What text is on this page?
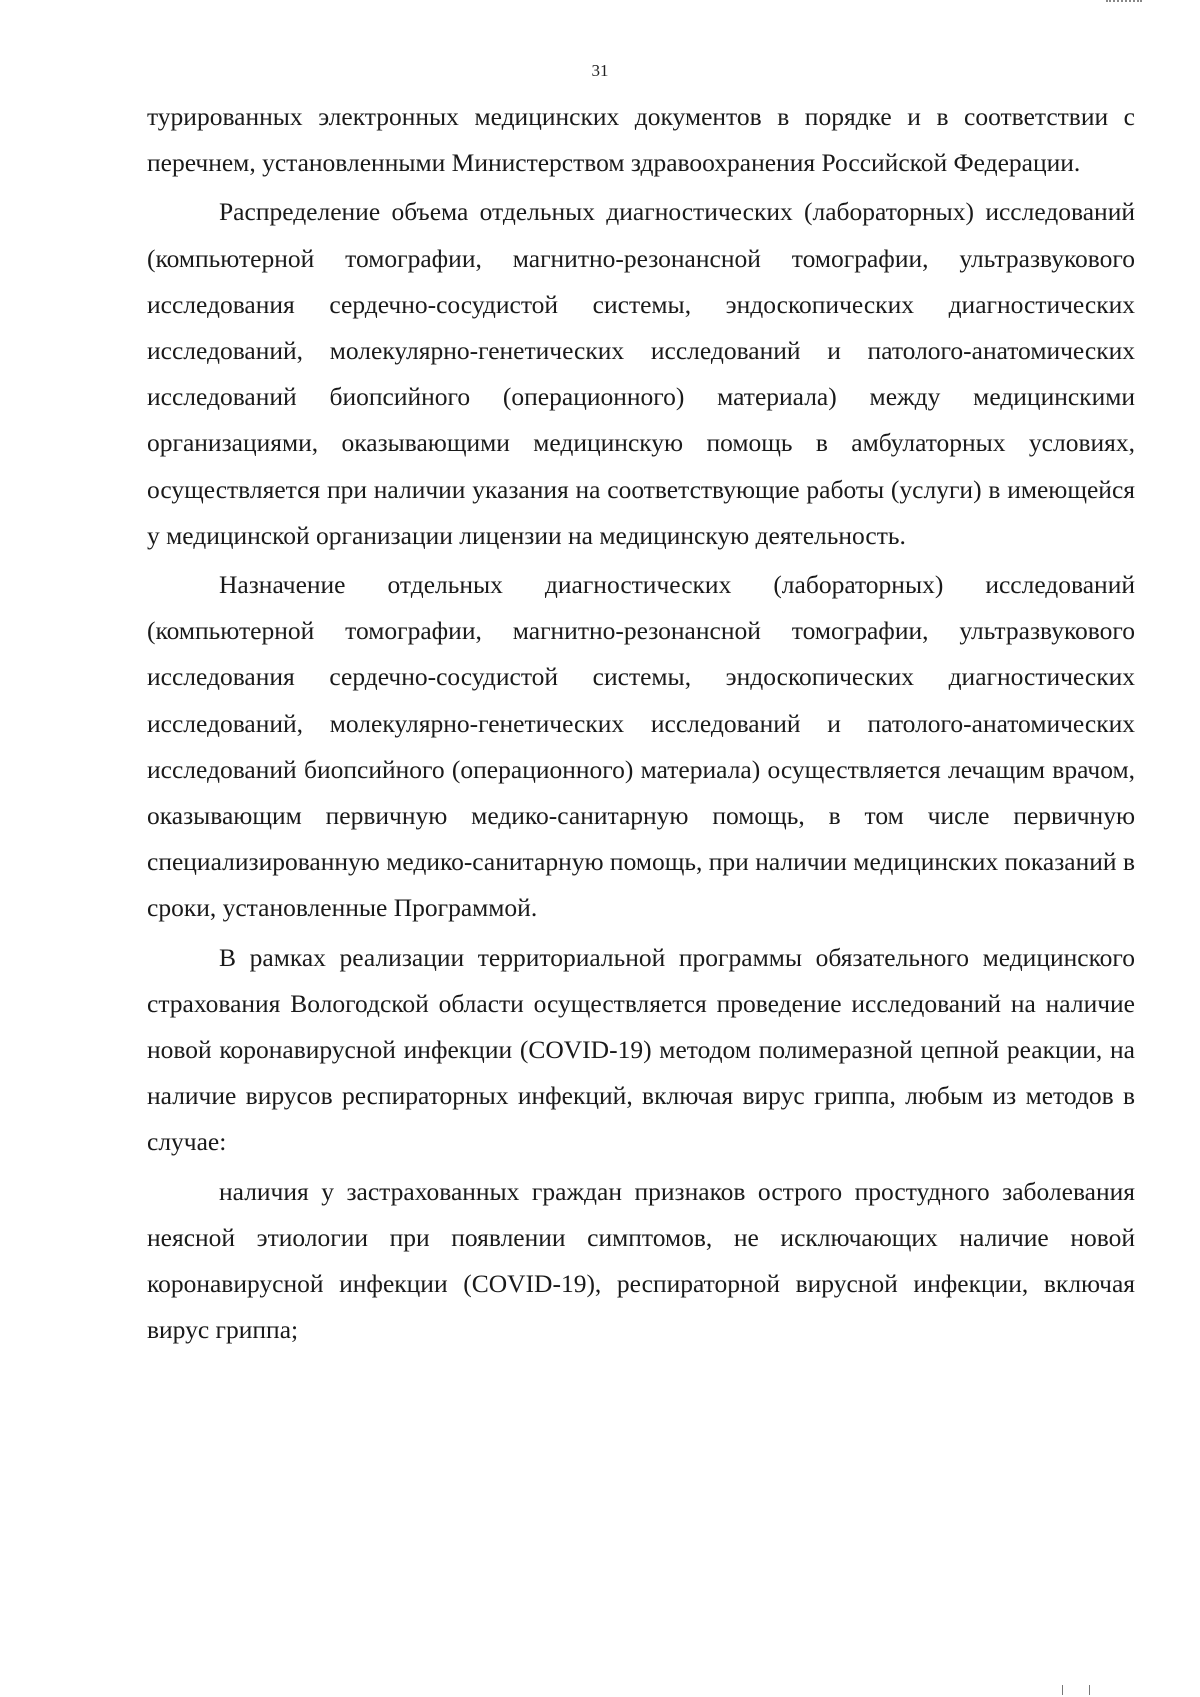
31

турированных электронных медицинских документов в порядке и в соответствии с перечнем, установленными Министерством здравоохранения Российской Федерации.

Распределение объема отдельных диагностических (лабораторных) исследований (компьютерной томографии, магнитно-резонансной томографии, ультразвукового исследования сердечно-сосудистой системы, эндоскопических диагностических исследований, молекулярно-генетических исследований и патолого-анатомических исследований биопсийного (операционного) материала) между медицинскими организациями, оказывающими медицинскую помощь в амбулаторных условиях, осуществляется при наличии указания на соответствующие работы (услуги) в имеющейся у медицинской организации лицензии на медицинскую деятельность.

Назначение отдельных диагностических (лабораторных) исследований (компьютерной томографии, магнитно-резонансной томографии, ультразвукового исследования сердечно-сосудистой системы, эндоскопических диагностических исследований, молекулярно-генетических исследований и патолого-анатомических исследований биопсийного (операционного) материала) осуществляется лечащим врачом, оказывающим первичную медико-санитарную помощь, в том числе первичную специализированную медико-санитарную помощь, при наличии медицинских показаний в сроки, установленные Программой.

В рамках реализации территориальной программы обязательного медицинского страхования Вологодской области осуществляется проведение исследований на наличие новой коронавирусной инфекции (COVID-19) методом полимеразной цепной реакции, на наличие вирусов респираторных инфекций, включая вирус гриппа, любым из методов в случае:

наличия у застрахованных граждан признаков острого простудного заболевания неясной этиологии при появлении симптомов, не исключающих наличие новой коронавирусной инфекции (COVID-19), респираторной вирусной инфекции, включая вирус гриппа;
